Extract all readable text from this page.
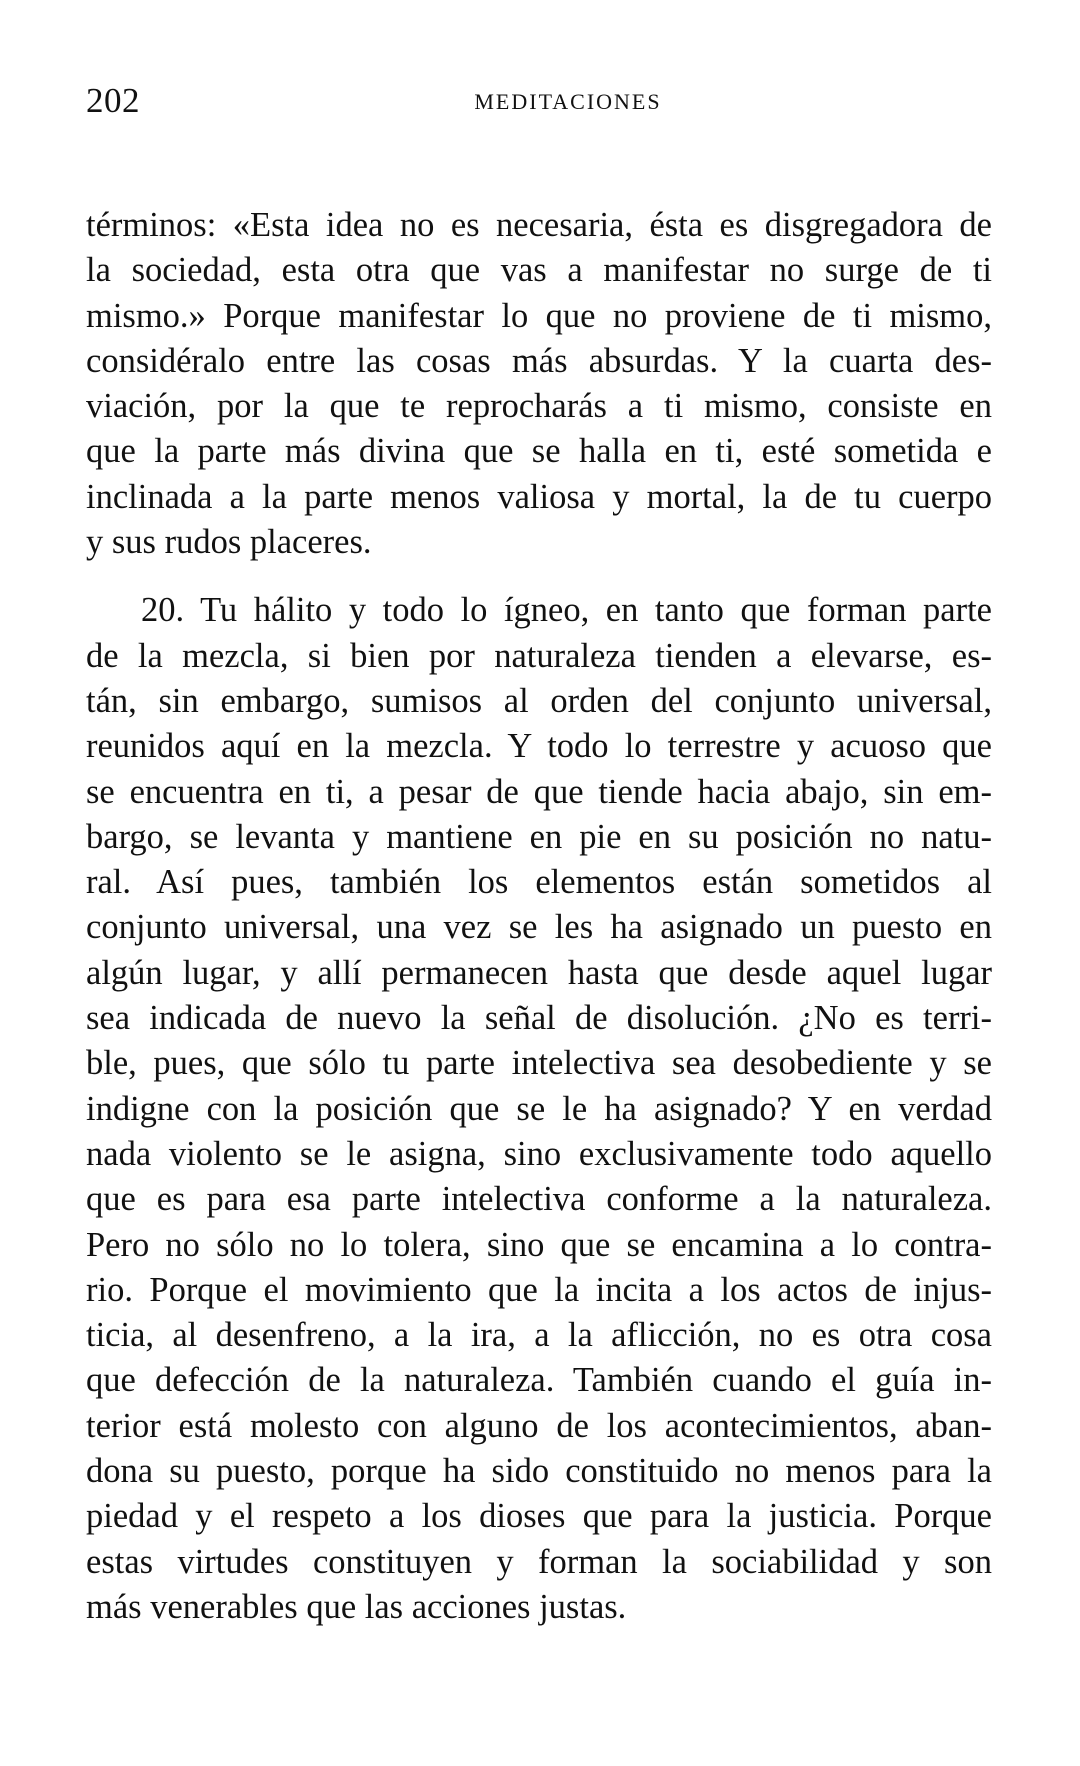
202	MEDITACIONES
términos: «Esta idea no es necesaria, ésta es disgregadora de
la sociedad, esta otra que vas a manifestar no surge de ti
mismo.» Porque manifestar lo que no proviene de ti mismo,
considéralo entre las cosas más absurdas. Y la cuarta des-
viación, por la que te reprocharás a ti mismo, consiste en
que la parte más divina que se halla en ti, esté sometida e
inclinada a la parte menos valiosa y mortal, la de tu cuerpo
y sus rudos placeres.
20. Tu hálito y todo lo ígneo, en tanto que forman parte
de la mezcla, si bien por naturaleza tienden a elevarse, es-
tán, sin embargo, sumisos al orden del conjunto universal,
reunidos aquí en la mezcla. Y todo lo terrestre y acuoso que
se encuentra en ti, a pesar de que tiende hacia abajo, sin em-
bargo, se levanta y mantiene en pie en su posición no natu-
ral. Así pues, también los elementos están sometidos al
conjunto universal, una vez se les ha asignado un puesto en
algún lugar, y allí permanecen hasta que desde aquel lugar
sea indicada de nuevo la señal de disolución. ¿No es terri-
ble, pues, que sólo tu parte intelectiva sea desobediente y se
indigne con la posición que se le ha asignado? Y en verdad
nada violento se le asigna, sino exclusivamente todo aquello
que es para esa parte intelectiva conforme a la naturaleza.
Pero no sólo no lo tolera, sino que se encamina a lo contra-
rio. Porque el movimiento que la incita a los actos de injus-
ticia, al desenfreno, a la ira, a la aflicción, no es otra cosa
que defección de la naturaleza. También cuando el guía in-
terior está molesto con alguno de los acontecimientos, aban-
dona su puesto, porque ha sido constituido no menos para la
piedad y el respeto a los dioses que para la justicia. Porque
estas virtudes constituyen y forman la sociabilidad y son
más venerables que las acciones justas.
